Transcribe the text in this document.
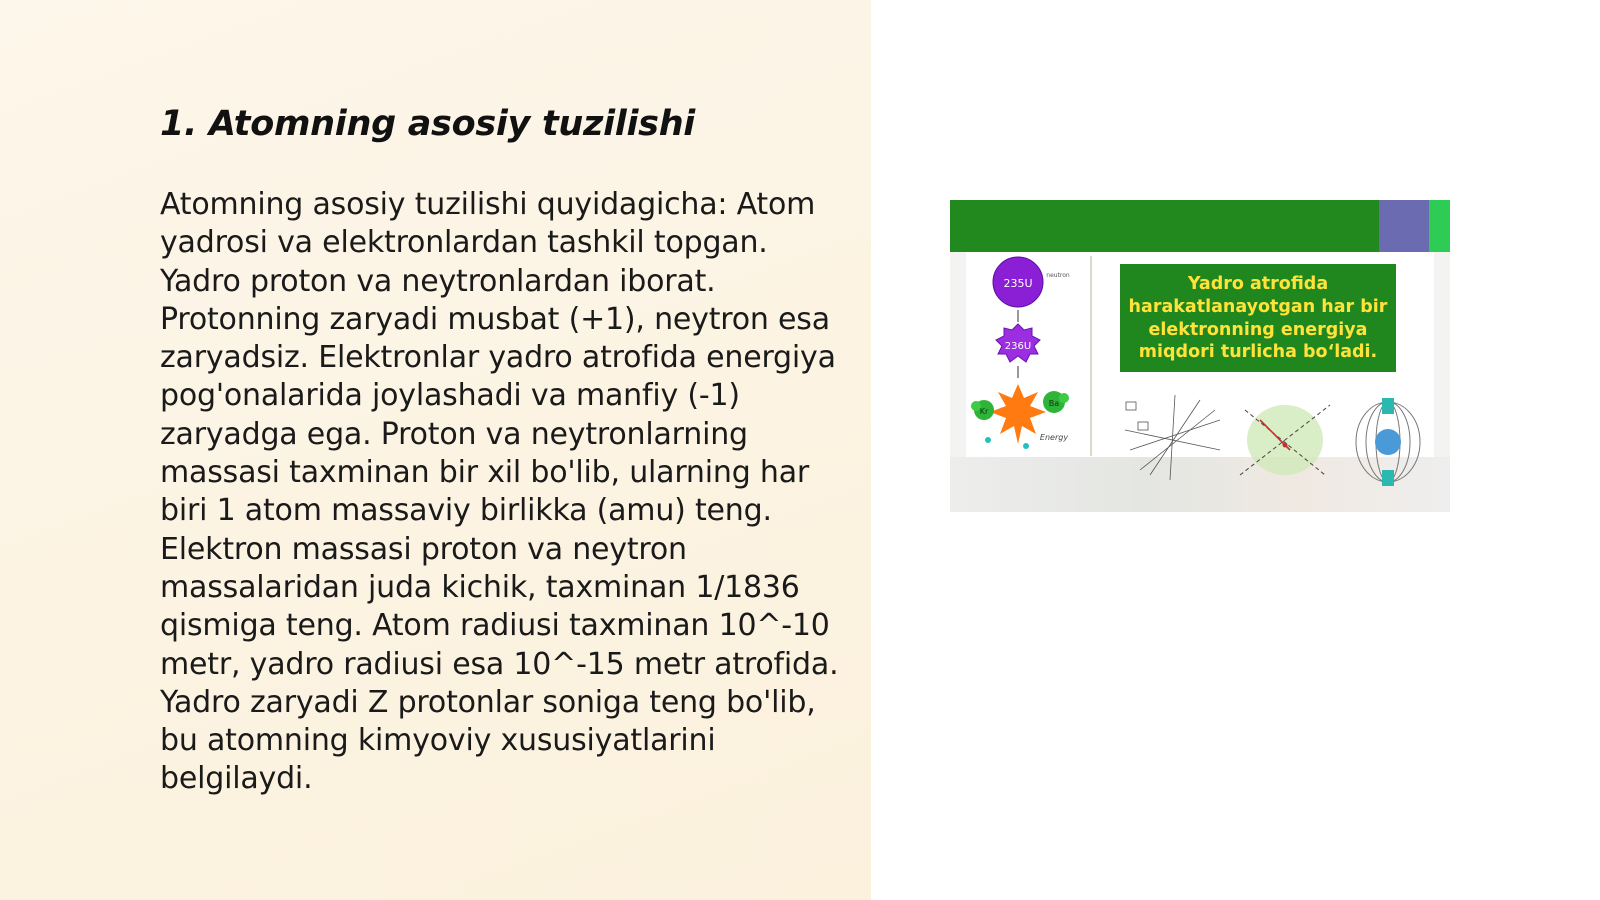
1. Atomning asosiy tuzilishi

Atomning asosiy tuzilishi quyidagicha: Atom yadrosi va elektronlardan tashkil topgan. Yadro proton va neytronlardan iborat. Protonning zaryadi musbat (+1), neytron esa zaryadsiz. Elektronlar yadro atrofida energiya pog'onalarida joylashadi va manfiy (-1) zaryadga ega. Proton va neytronlarning massasi taxminan bir xil bo'lib, ularning har biri 1 atom massaviy birlikka (amu) teng. Elektron massasi proton va neytron massalaridan juda kichik, taxminan 1/1836 qismiga teng. Atom radiusi taxminan 10^-10 metr, yadro radiusi esa 10^-15 metr atrofida. Yadro zaryadi Z protonlar soniga teng bo'lib, bu atomning kimyoviy xususiyatlarini belgilaydi.

235U
neutron
236U
Kr
Ba
Energy
Yadro atrofida
harakatlanayotgan har bir
elektronning energiya
miqdori turlicha bo‘ladi.
